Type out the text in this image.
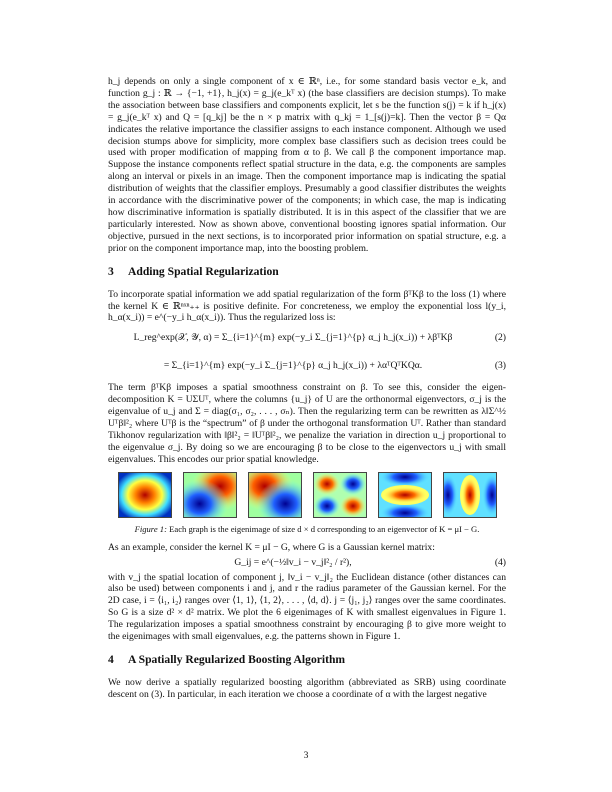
h_j depends on only a single component of x ∈ ℝⁿ, i.e., for some standard basis vector e_k, and function g_j : ℝ → {−1, +1}, h_j(x) = g_j(e_kᵀ x) (the base classifiers are decision stumps). To make the association between base classifiers and components explicit, let s be the function s(j) = k if h_j(x) = g_j(e_kᵀ x) and Q = [q_kj] be the n × p matrix with q_kj = 1_[s(j)=k]. Then the vector β = Qα indicates the relative importance the classifier assigns to each instance component. Although we used decision stumps above for simplicity, more complex base classifiers such as decision trees could be used with proper modification of mapping from α to β. We call β the component importance map. Suppose the instance components reflect spatial structure in the data, e.g. the components are samples along an interval or pixels in an image. Then the component importance map is indicating the spatial distribution of weights that the classifier employs. Presumably a good classifier distributes the weights in accordance with the discriminative power of the components; in which case, the map is indicating how discriminative information is spatially distributed. It is in this aspect of the classifier that we are particularly interested. Now as shown above, conventional boosting ignores spatial information. Our objective, pursued in the next sections, is to incorporated prior information on spatial structure, e.g. a prior on the component importance map, into the boosting problem.

3 Adding Spatial Regularization

To incorporate spatial information we add spatial regularization of the form βᵀKβ to the loss (1) where the kernel K ∈ ℝⁿˣⁿ₊₊ is positive definite. For concreteness, we employ the exponential loss l(y_i, h_α(x_i)) = e^(−y_i h_α(x_i)). Thus the regularized loss is:

L_reg^exp(𝒳, 𝒴, α) = Σ_{i=1}^{m} exp(−y_i Σ_{j=1}^{p} α_j h_j(x_i)) + λβᵀKβ	(2)
= Σ_{i=1}^{m} exp(−y_i Σ_{j=1}^{p} α_j h_j(x_i)) + λαᵀQᵀKQα.	(3)

The term βᵀKβ imposes a spatial smoothness constraint on β. To see this, consider the eigen-decomposition K = UΣUᵀ, where the columns {u_j} of U are the orthonormal eigenvectors, σ_j is the eigenvalue of u_j and Σ = diag(σ₁, σ₂, . . . , σₙ). Then the regularizing term can be rewritten as λ‖Σ^½ Uᵀβ‖²₂ where Uᵀβ is the “spectrum” of β under the orthogonal transformation Uᵀ. Rather than standard Tikhonov regularization with ‖β‖²₂ = ‖Uᵀβ‖²₂, we penalize the variation in direction u_j proportional to the eigenvalue σ_j. By doing so we are encouraging β to be close to the eigenvectors u_j with small eigenvalues. This encodes our prior spatial knowledge.

Figure 1: Each graph is the eigenimage of size d × d corresponding to an eigenvector of K = μI − G.

As an example, consider the kernel K = μI − G, where G is a Gaussian kernel matrix:

G_ij = e^(−½‖v_i − v_j‖²₂ / r²),	(4)

with v_j the spatial location of component j, ‖v_i − v_j‖₂ the Euclidean distance (other distances can also be used) between components i and j, and r the radius parameter of the Gaussian kernel. For the 2D case, i = ⟨i₁, i₂⟩ ranges over ⟨1, 1⟩, ⟨1, 2⟩, . . . , ⟨d, d⟩. j = ⟨j₁, j₂⟩ ranges over the same coordinates. So G is a size d² × d² matrix. We plot the 6 eigenimages of K with smallest eigenvalues in Figure 1. The regularization imposes a spatial smoothness constraint by encouraging β to give more weight to the eigenimages with small eigenvalues, e.g. the patterns shown in Figure 1.

4 A Spatially Regularized Boosting Algorithm

We now derive a spatially regularized boosting algorithm (abbreviated as SRB) using coordinate descent on (3). In particular, in each iteration we choose a coordinate of α with the largest negative

3
